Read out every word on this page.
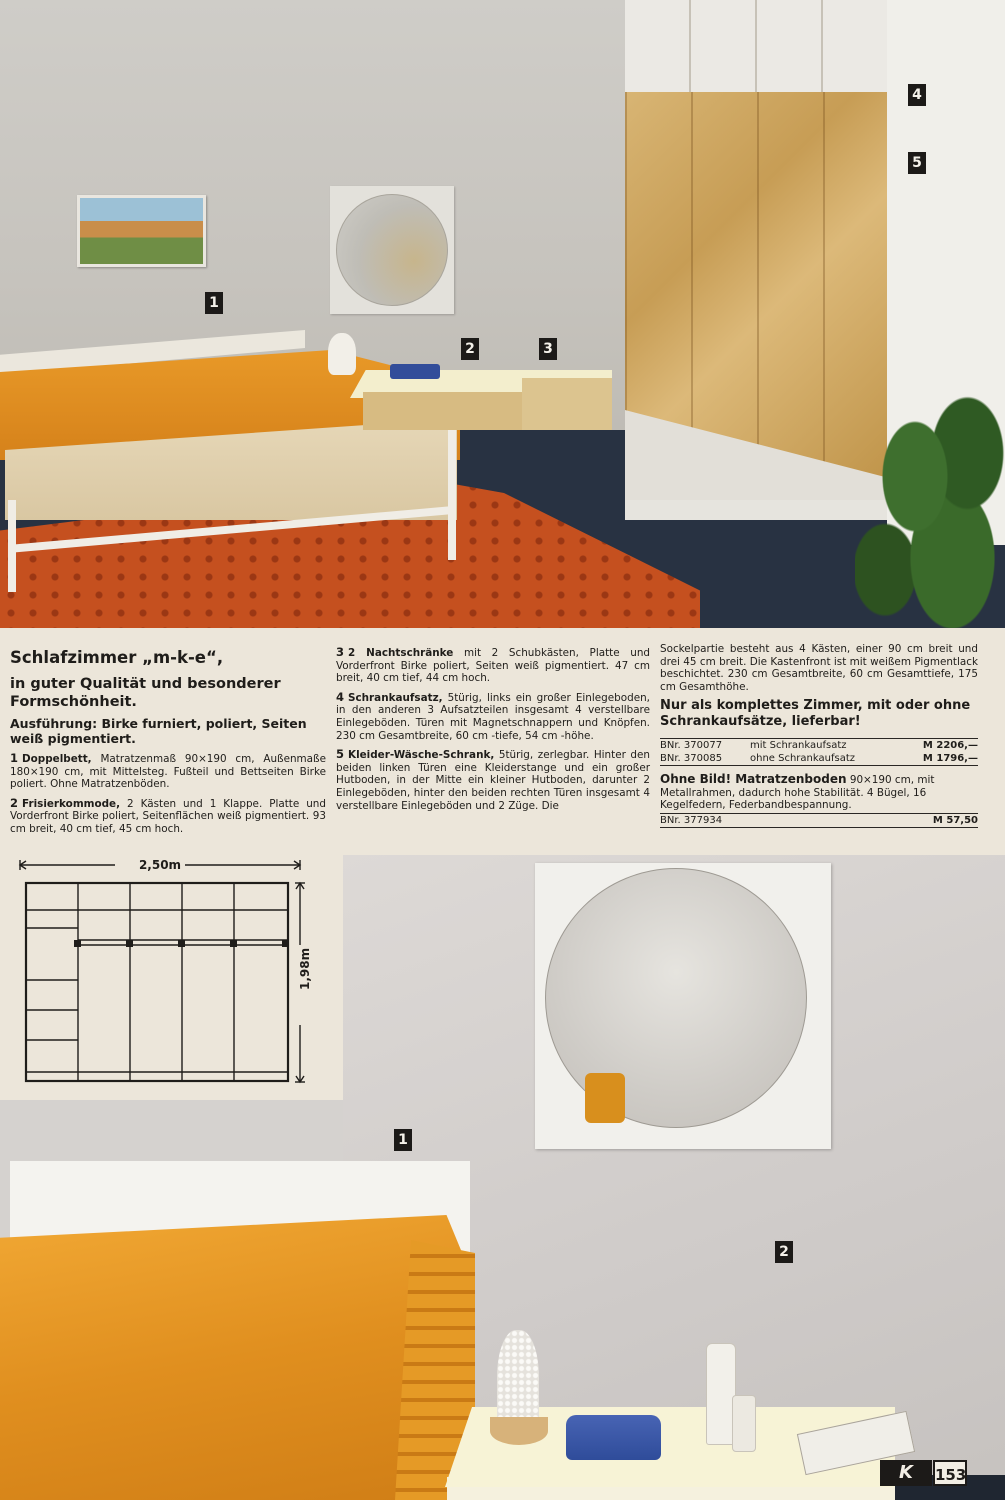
1
2	3
4
5
Schlafzimmer „m-k-e“,
in guter Qualität und besonderer Formschönheit.
Ausführung: Birke furniert, poliert, Seiten weiß pigmentiert.

1 Doppelbett, Matratzenmaß 90×190 cm, Außenmaße 180×190 cm, mit Mittelsteg. Fußteil und Bettseiten Birke poliert. Ohne Matratzenböden.

2 Frisierkommode, 2 Kästen und 1 Klappe. Platte und Vorderfront Birke poliert, Seitenflächen weiß pigmentiert. 93 cm breit, 40 cm tief, 45 cm hoch.

3 2 Nachtschränke mit 2 Schubkästen, Platte und Vorderfront Birke poliert, Seiten weiß pigmentiert. 47 cm breit, 40 cm tief, 44 cm hoch.

4 Schrankaufsatz, 5türig, links ein großer Einlegeboden, in den anderen 3 Aufsatzteilen insgesamt 4 verstellbare Einlegeböden. Türen mit Magnetschnappern und Knöpfen. 230 cm Gesamtbreite, 60 cm -tiefe, 54 cm -höhe.

5 Kleider-Wäsche-Schrank, 5türig, zerlegbar. Hinter den beiden linken Türen eine Kleiderstange und ein großer Hutboden, in der Mitte ein kleiner Hutboden, darunter 2 Einlegeböden, hinter den beiden rechten Türen insgesamt 4 verstellbare Einlegeböden und 2 Züge. Die

Sockelpartie besteht aus 4 Kästen, einer 90 cm breit und drei 45 cm breit. Die Kastenfront ist mit weißem Pigmentlack beschichtet. 230 cm Gesamtbreite, 60 cm Gesamttiefe, 175 cm Gesamthöhe.

Nur als komplettes Zimmer, mit oder ohne Schrankaufsätze, lieferbar!
BNr. 370077	mit Schrankaufsatz	M 2206,—
BNr. 370085	ohne Schrankaufsatz	M 1796,—
Ohne Bild! Matratzenboden 90×190 cm, mit Metallrahmen, dadurch hohe Stabilität. 4 Bügel, 16 Kegelfedern, Federbandbespannung.
BNr. 377934	M 57,50
1
2
2,50m
1,98m
K	153
